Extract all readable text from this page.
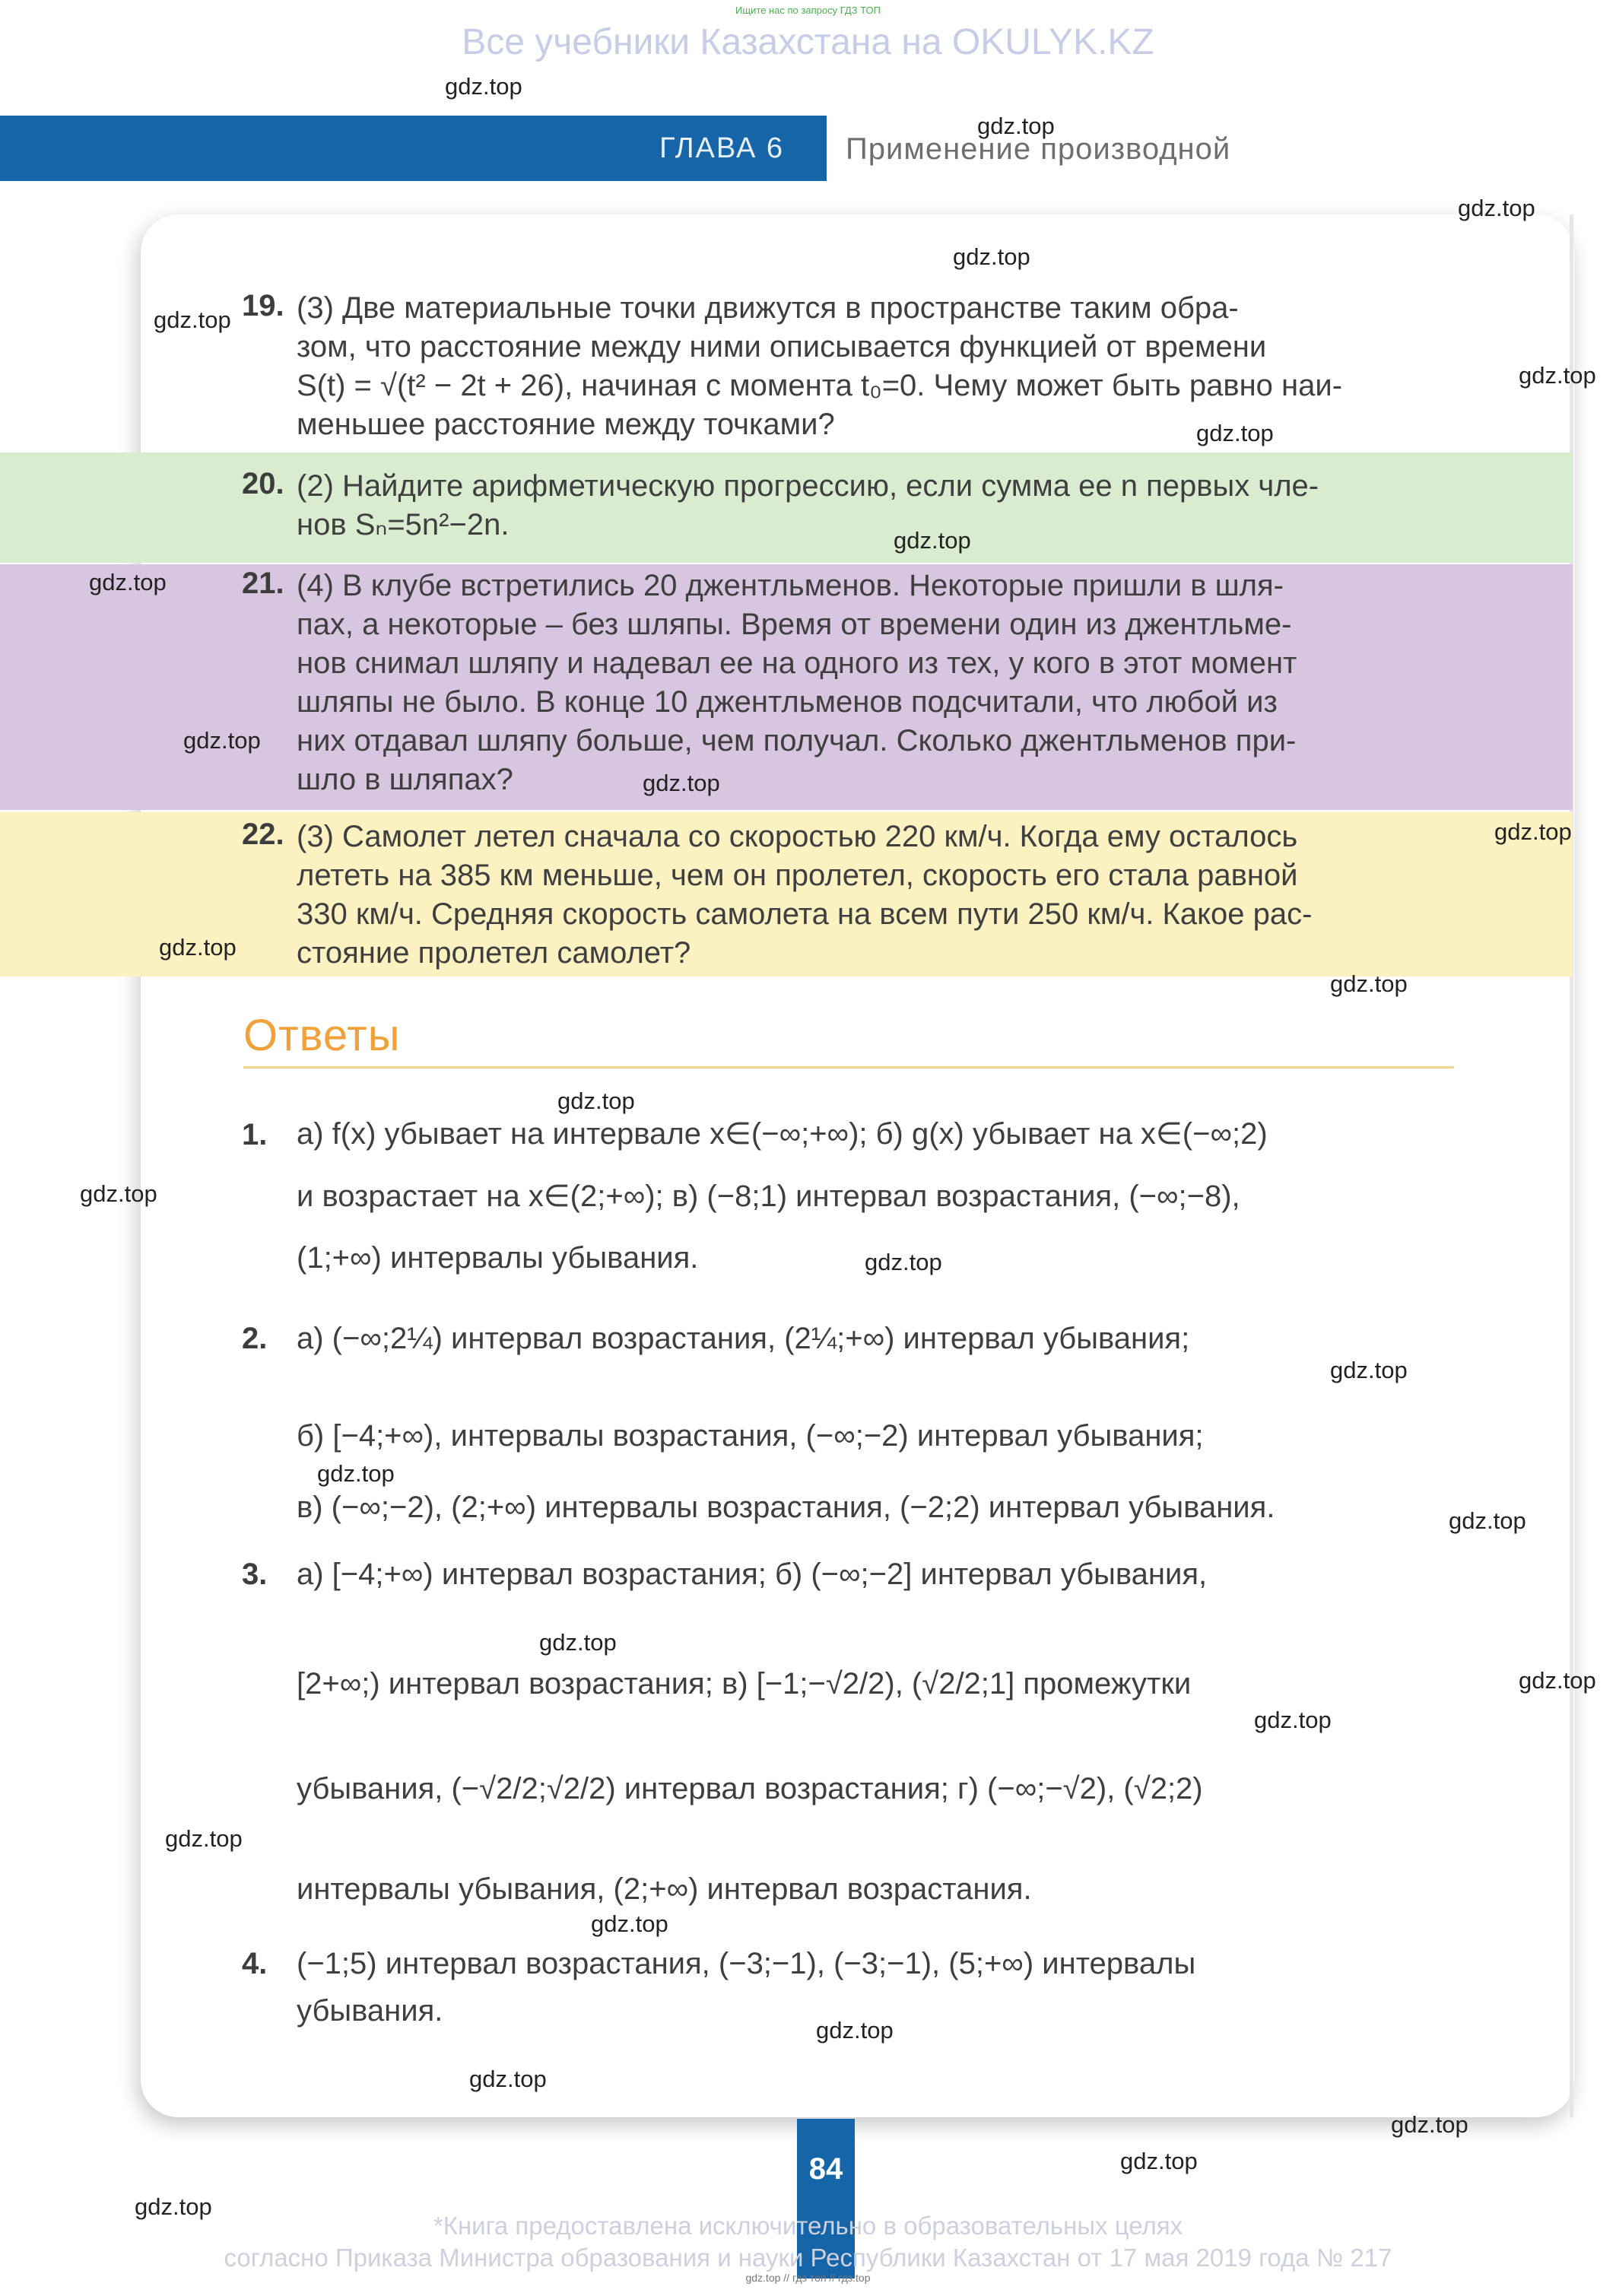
Ищите нас по запросу ГДЗ ТОП
Все учебники Казахстана на OKULYK.KZ
ГЛАВА 6 Применение производной
19. (3) Две материальные точки движутся в пространстве таким обра-
зом, что расстояние между ними описывается функцией от времени
S(t) = √(t² − 2t + 26), начиная с момента t₀=0. Чему может быть равно наи-
меньшее расстояние между точками?
20. (2) Найдите арифметическую прогрессию, если сумма ее n первых чле-
нов Sₙ=5n²−2n.
21. (4) В клубе встретились 20 джентльменов. Некоторые пришли в шля-
пах, а некоторые – без шляпы. Время от времени один из джентльме-
нов снимал шляпу и надевал ее на одного из тех, у кого в этот момент
шляпы не было. В конце 10 джентльменов подсчитали, что любой из
них отдавал шляпу больше, чем получал. Сколько джентльменов при-
шло в шляпах?
22. (3) Самолет летел сначала со скоростью 220 км/ч. Когда ему осталось
лететь на 385 км меньше, чем он пролетел, скорость его стала равной
330 км/ч. Средняя скорость самолета на всем пути 250 км/ч. Какое рас-
стояние пролетел самолет?
Ответы
1. а) f(x) убывает на интервале x∈(−∞;+∞); б) g(x) убывает на x∈(−∞;2)
и возрастает на x∈(2;+∞); в) (−8;1) интервал возрастания, (−∞;−8),
(1;+∞) интервалы убывания.
2. а) (−∞;2¼) интервал возрастания, (2¼;+∞) интервал убывания;
б) [−4;+∞), интервалы возрастания, (−∞;−2) интервал убывания;
в) (−∞;−2), (2;+∞) интервалы возрастания, (−2;2) интервал убывания.
3. а) [−4;+∞) интервал возрастания; б) (−∞;−2] интервал убывания,
[2+∞;) интервал возрастания; в) [−1;−√2/2), (√2/2;1] промежутки
убывания, (−√2/2;√2/2) интервал возрастания; г) (−∞;−√2), (√2;2)
интервалы убывания, (2;+∞) интервал возрастания.
4. (−1;5) интервал возрастания, (−3;−1), (−3;−1), (5;+∞) интервалы
убывания.
84
*Книга предоставлена исключительно в образовательных целях
согласно Приказа Министра образования и науки Республики Казахстан от 17 мая 2019 года № 217
gdz.top // гдз топ // гдз.top
gdz.top
gdz.top
gdz.top
gdz.top
gdz.top
gdz.top
gdz.top
gdz.top
gdz.top
gdz.top
gdz.top
gdz.top
gdz.top
gdz.top
gdz.top
gdz.top
gdz.top
gdz.top
gdz.top
gdz.top
gdz.top
gdz.top
gdz.top
gdz.top
gdz.top
gdz.top
gdz.top
gdz.top
gdz.top
gdz.top
